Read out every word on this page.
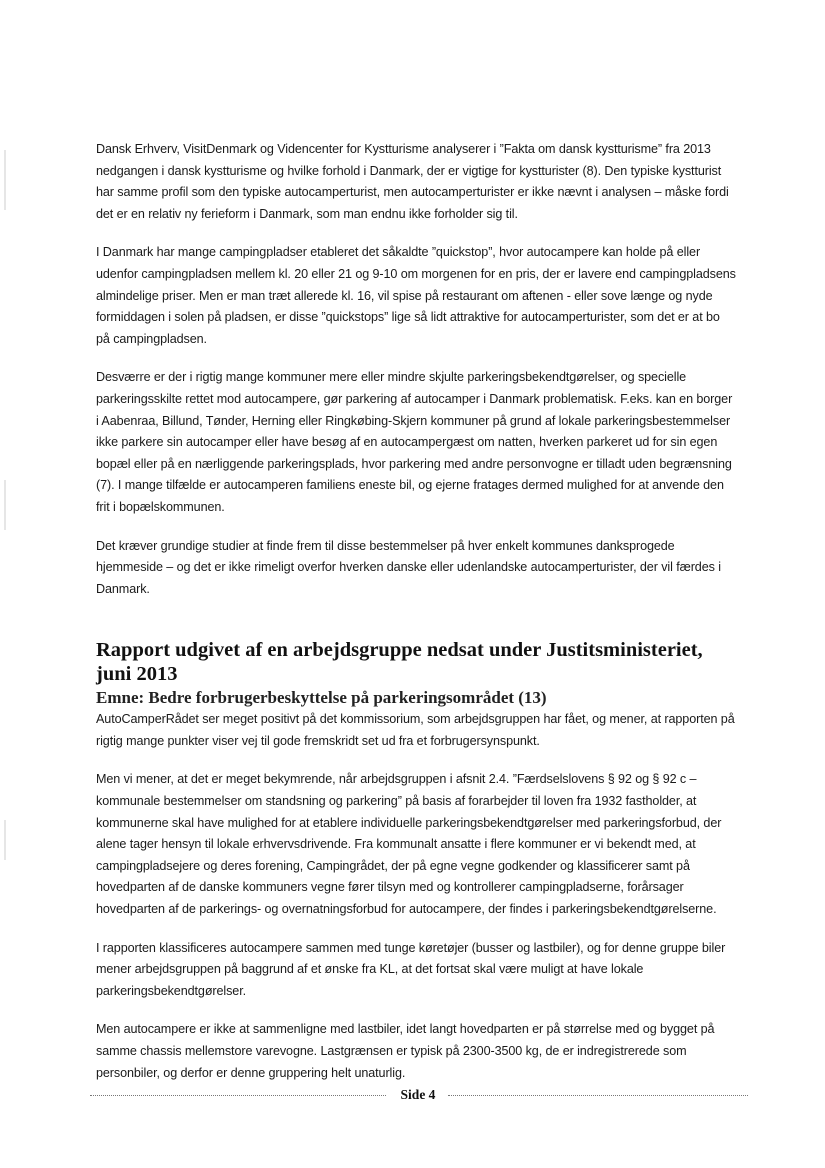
Dansk Erhverv, VisitDenmark og Videncenter for Kystturisme analyserer i ”Fakta om dansk kystturisme” fra 2013 nedgangen i dansk kystturisme og hvilke forhold i Danmark, der er vigtige for kystturister (8). Den typiske kystturist har samme profil som den typiske autocamperturist, men autocamperturister er ikke nævnt i analysen – måske fordi det er en relativ ny ferieform i Danmark, som man endnu ikke forholder sig til.

I Danmark har mange campingpladser etableret det såkaldte ”quickstop”, hvor autocampere kan holde på eller udenfor campingpladsen mellem kl. 20 eller 21 og 9-10 om morgenen for en pris, der er lavere end campingpladsens almindelige priser. Men er man træt allerede kl. 16, vil spise på restaurant om aftenen - eller sove længe og nyde formiddagen i solen på pladsen, er disse ”quickstops” lige så lidt attraktive for autocamperturister, som det er at bo på campingpladsen.

Desværre er der i rigtig mange kommuner mere eller mindre skjulte parkeringsbekendtgørelser, og specielle parkeringsskilte rettet mod autocampere, gør parkering af autocamper i Danmark problematisk. F.eks. kan en borger i Aabenraa, Billund, Tønder, Herning eller Ringkøbing-Skjern kommuner på grund af lokale parkeringsbestemmelser ikke parkere sin autocamper eller have besøg af en autocampergæst om natten, hverken parkeret ud for sin egen bopæl eller på en nærliggende parkeringsplads, hvor parkering med andre personvogne er tilladt uden begrænsning (7). I mange tilfælde er autocamperen familiens eneste bil, og ejerne fratages dermed mulighed for at anvende den frit i bopælskommunen.

Det kræver grundige studier at finde frem til disse bestemmelser på hver enkelt kommunes danksprogede hjemmeside – og det er ikke rimeligt overfor hverken danske eller udenlandske autocamperturister, der vil færdes i Danmark.

Rapport udgivet af en arbejdsgruppe nedsat under Justitsministeriet, juni 2013
Emne: Bedre forbrugerbeskyttelse på parkeringsområdet (13)

AutoCamperRådet ser meget positivt på det kommissorium, som arbejdsgruppen har fået, og mener, at rapporten på rigtig mange punkter viser vej til gode fremskridt set ud fra et forbrugersynspunkt.

Men vi mener, at det er meget bekymrende, når arbejdsgruppen i afsnit 2.4. ”Færdselslovens § 92 og § 92 c – kommunale bestemmelser om standsning og parkering” på basis af forarbejder til loven fra 1932 fastholder, at kommunerne skal have mulighed for at etablere individuelle parkeringsbekendtgørelser med parkeringsforbud, der alene tager hensyn til lokale erhvervsdrivende. Fra kommunalt ansatte i flere kommuner er vi bekendt med, at campingpladsejere og deres forening, Campingrådet, der på egne vegne godkender og klassificerer samt på hovedparten af de danske kommuners vegne fører tilsyn med og kontrollerer campingpladserne, forårsager hovedparten af de parkerings- og overnatningsforbud for autocampere, der findes i parkeringsbekendtgørelserne.

I rapporten klassificeres autocampere sammen med tunge køretøjer (busser og lastbiler), og for denne gruppe biler mener arbejdsgruppen på baggrund af et ønske fra KL, at det fortsat skal være muligt at have lokale parkeringsbekendtgørelser.

Men autocampere er ikke at sammenligne med lastbiler, idet langt hovedparten er på størrelse med og bygget på samme chassis mellemstore varevogne. Lastgrænsen er typisk på 2300-3500 kg, de er indregistrerede som personbiler, og derfor er denne gruppering helt unaturlig.

Side 4
